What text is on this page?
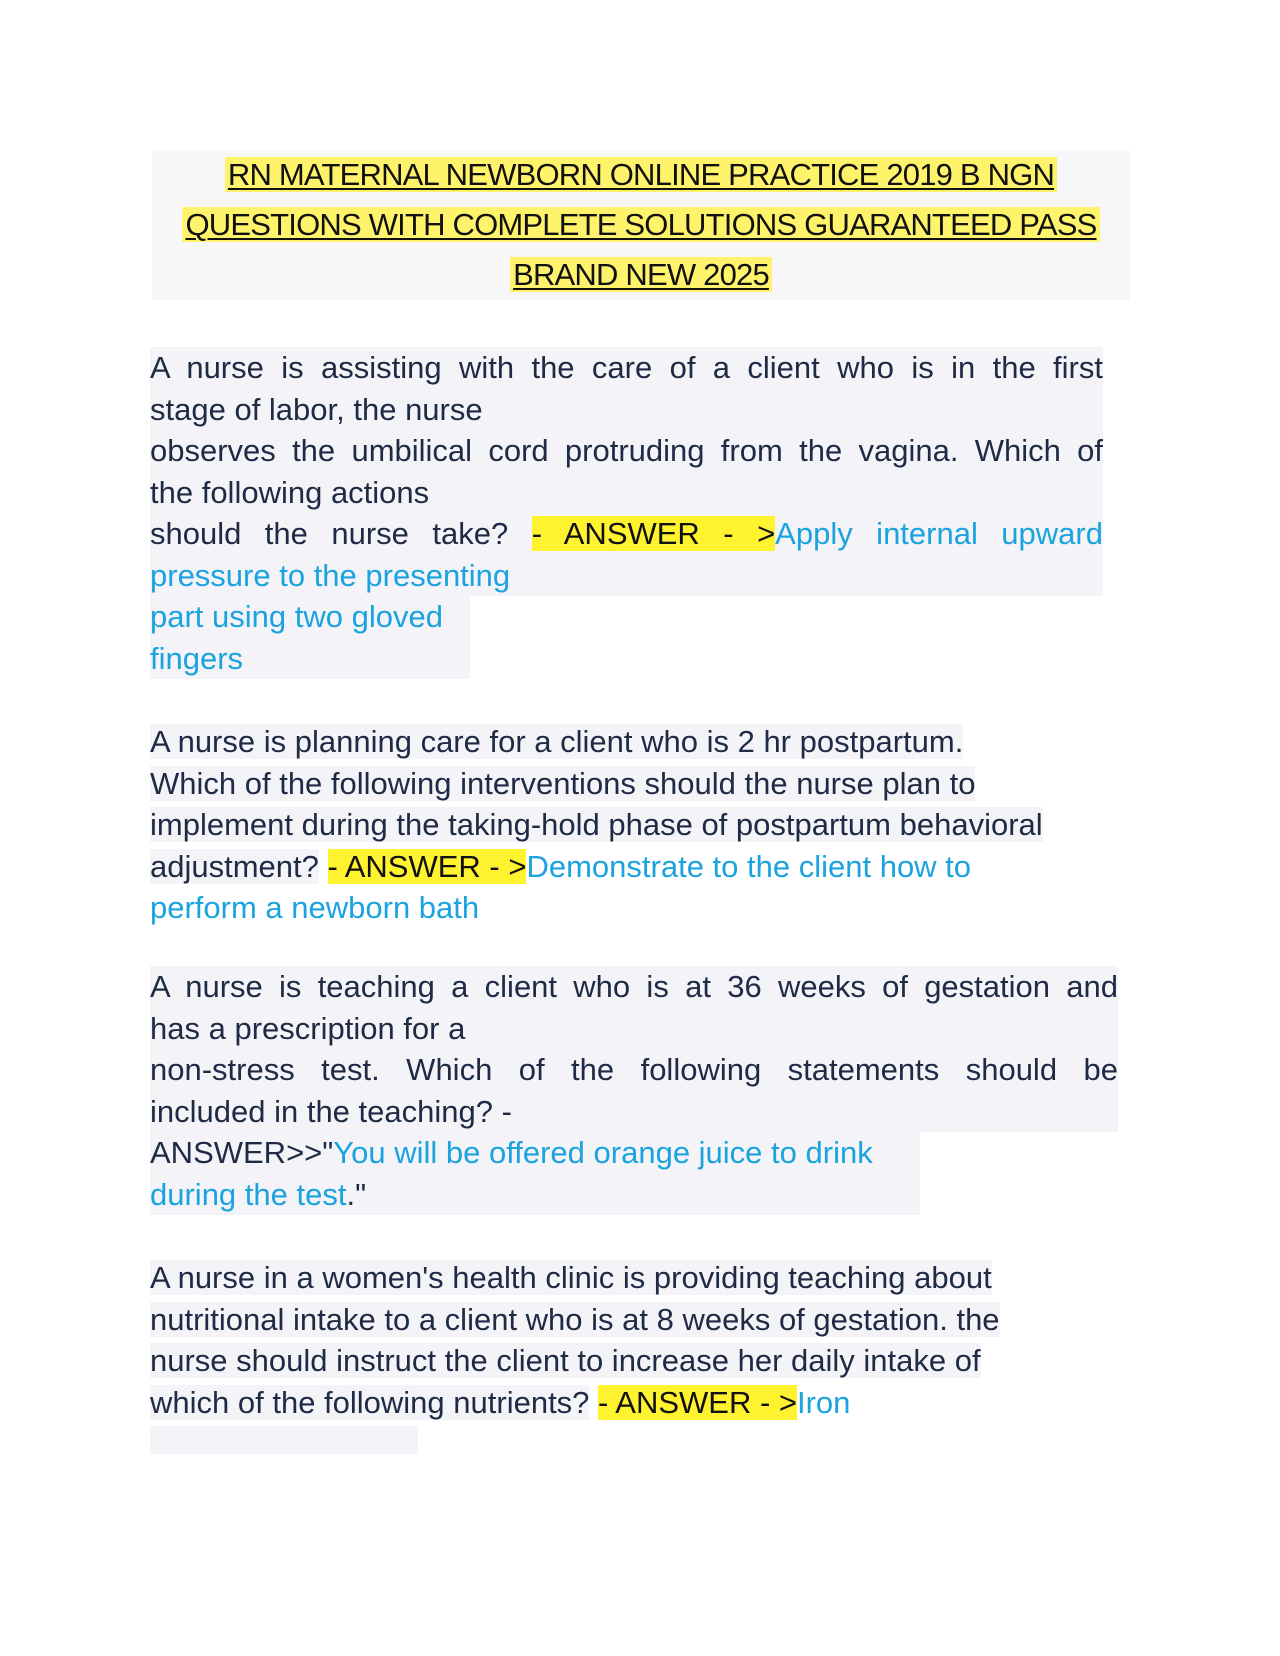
RN MATERNAL NEWBORN ONLINE PRACTICE 2019 B NGN
QUESTIONS WITH COMPLETE SOLUTIONS GUARANTEED PASS
BRAND NEW 2025
A nurse is assisting with the care of a client who is in the first
stage of labor, the nurse
observes the umbilical cord protruding from the vagina. Which of
the following actions
should the nurse take? - ANSWER - >Apply internal upward
pressure to the presenting
part using two gloved
fingers
A nurse is planning care for a client who is 2 hr postpartum.
Which of the following interventions should the nurse plan to
implement during the taking-hold phase of postpartum behavioral
adjustment? - ANSWER - >Demonstrate to the client how to
perform a newborn bath
A nurse is teaching a client who is at 36 weeks of gestation and
has a prescription for a
non-stress test. Which of the following statements should be
included in the teaching? -
ANSWER>>"You will be offered orange juice to drink
during the test."
A nurse in a women's health clinic is providing teaching about
nutritional intake to a client who is at 8 weeks of gestation. the
nurse should instruct the client to increase her daily intake of
which of the following nutrients? - ANSWER - >Iron
